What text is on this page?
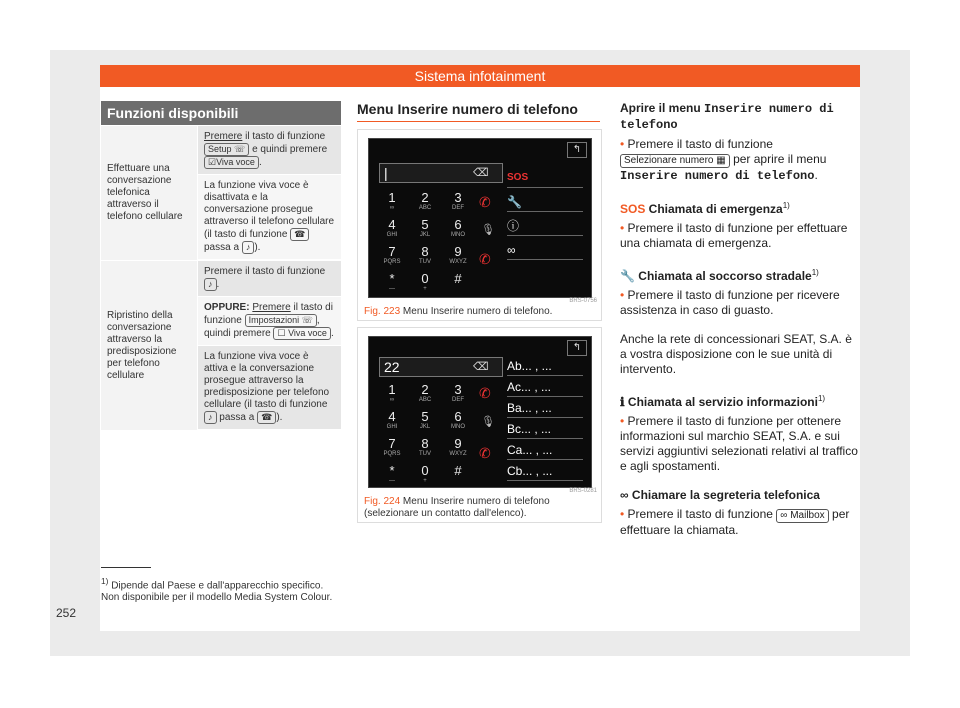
Sistema infotainment
Funzioni disponibili
Effettuare una conversazione telefonica attraverso il telefono cellulare
Premere il tasto di funzione Setup ☏ e quindi premere ☑Viva voce .
La funzione viva voce è disattivata e la conversazione prosegue attraverso il telefono cellulare (il tasto di funzione ☎ passa a ♪ ).
Ripristino della conversazione attraverso la predisposizione per telefono cellulare
Premere il tasto di funzione ♪ .
OPPURE: Premere il tasto di funzione Impostazioni ☏ , quindi premere ☐ Viva voce .
La funzione viva voce è attiva e la conversazione prosegue attraverso la predisposizione per telefono cellulare (il tasto di funzione ♪ passa a ☎ ).
$^{1)}$ Dipende dal Paese e dall'apparecchio specifico. Non disponibile per il modello Media System Colour.
252
Menu Inserire numero di telefono
↰
|	⌫
1
∞
2
ABC
3
DEF
4
GHI
5
JKL
6
MNO
7
PQRS
8
TUV
9
WXYZ
*
—
0
+
#
✆
🎙
✆
SOS
🔧
ⓘ
∞
BRS-0756
Fig. 223 Menu Inserire numero di telefono.
↰
22	⌫
1
∞
2
ABC
3
DEF
4
GHI
5
JKL
6
MNO
7
PQRS
8
TUV
9
WXYZ
*
—
0
+
#
✆
🎙
✆
Ab... , ...
Ac... , ...
Ba... , ...
Bc... , ...
Ca... , ...
Cb... , ...
BRS-0281
Fig. 224 Menu Inserire numero di telefono (selezionare un contatto dall'elenco).

Aprire il menu Inserire numero di telefono

• Premere il tasto di funzione
Selezionare numero ▦ per aprire il menu Inserire numero di telefono.

SOS Chiamata di emergenza$^{1)}$

• Premere il tasto di funzione per effettuare una chiamata di emergenza.

🔧 Chiamata al soccorso stradale$^{1)}$

• Premere il tasto di funzione per ricevere assistenza in caso di guasto.

Anche la rete di concessionari SEAT, S.A. è a vostra disposizione con le sue unità di intervento.

ℹ Chiamata al servizio informazioni$^{1)}$

• Premere il tasto di funzione per ottenere informazioni sul marchio SEAT, S.A. e sui servizi aggiuntivi selezionati relativi al traffico e agli spostamenti.

∞ Chiamare la segreteria telefonica

• Premere il tasto di funzione ∞ Mailbox per effettuare la chiamata.
